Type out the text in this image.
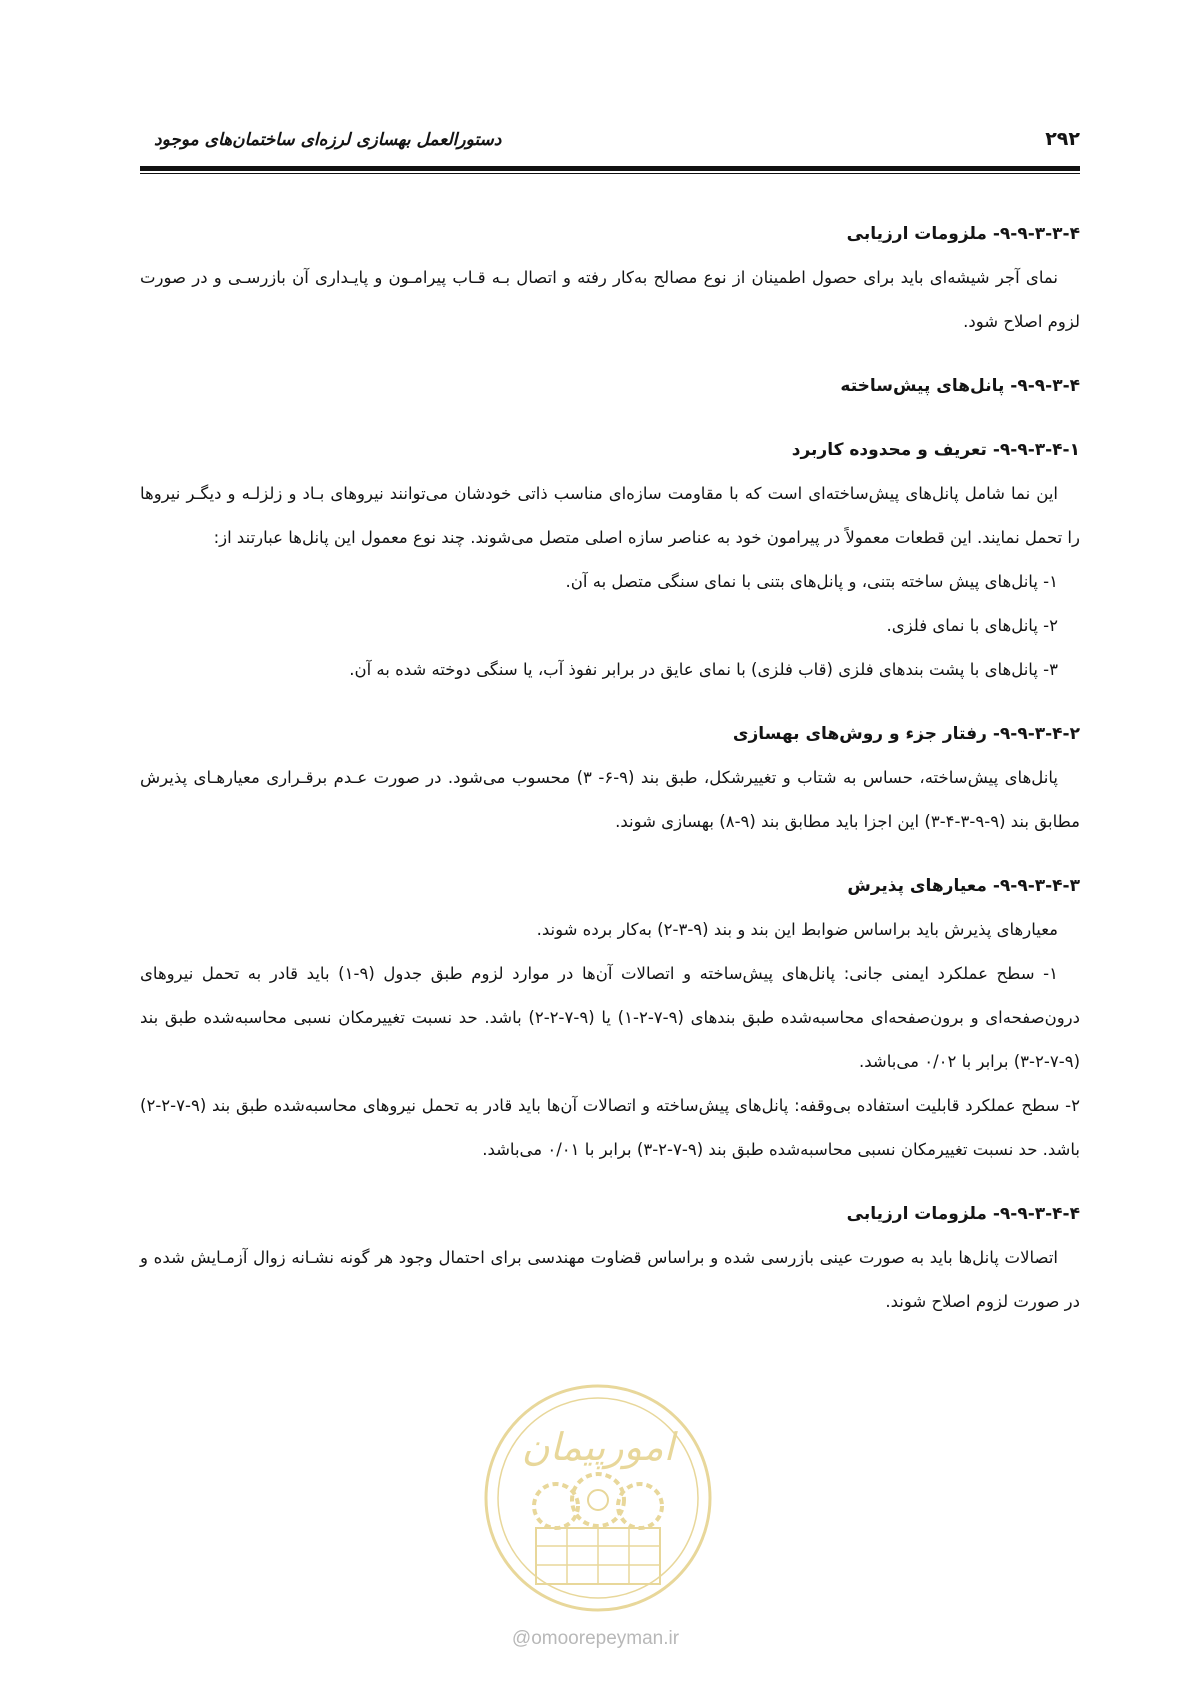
۲۹۲
دستورالعمل بهسازی لرزه‌ای ساختمان‌های موجود
۹-۹-۳-۳-۴- ملزومات ارزیابی

نمای آجر شیشه‌ای باید برای حصول اطمینان از نوع مصالح به‌کار رفته و اتصال بـه قـاب پیرامـون و پایـداری آن بازرسـی و در صورت لزوم اصلاح شود.

۹-۹-۳-۴- پانل‌های پیش‌ساخته
۹-۹-۳-۴-۱- تعریف و محدوده کاربرد

این نما شامل پانل‌های پیش‌ساخته‌ای است که با مقاومت سازه‌ای مناسب ذاتی خودشان می‌توانند نیروهای بـاد و زلزلـه و دیگـر نیروها را تحمل نمایند. این قطعات معمولاً در پیرامون خود به عناصر سازه اصلی متصل می‌شوند. چند نوع معمول این پانل‌ها عبارتند از:

۱- پانل‌های پیش ساخته بتنی، و پانل‌های بتنی با نمای سنگی متصل به آن.
۲- پانل‌های با نمای فلزی.
۳- پانل‌های با پشت بندهای فلزی (قاب فلزی) با نمای عایق در برابر نفوذ آب، یا سنگی دوخته شده به آن.
۹-۹-۳-۴-۲- رفتار جزء و روش‌های بهسازی

پانل‌های پیش‌ساخته، حساس به شتاب و تغییرشکل، طبق بند (۹-۶- ۳) محسوب می‌شود. در صورت عـدم برقـراری معیارهـای پذیرش مطابق بند (۹-۹-۳-۴-۳) این اجزا باید مطابق بند (۹-۸) بهسازی شوند.

۹-۹-۳-۴-۳- معیارهای پذیرش

معیارهای پذیرش باید براساس ضوابط این بند و بند (۹-۳-۲) به‌کار برده شوند.

۱- سطح عملکرد ایمنی جانی: پانل‌های پیش‌ساخته و اتصالات آن‌ها در موارد لزوم طبق جدول (۹-۱) باید قادر به تحمل نیروهای درون‌صفحه‌ای و برون‌صفحه‌ای محاسبه‌شده طبق بندهای (۹-۷-۲-۱) یا (۹-۷-۲-۲) باشد. حد نسبت تغییرمکان نسبی محاسبه‌شده طبق بند (۹-۷-۲-۳) برابر با ۰/۰۲ می‌باشد.

۲- سطح عملکرد قابلیت استفاده بی‌وقفه: پانل‌های پیش‌ساخته و اتصالات آن‌ها باید قادر به تحمل نیروهای محاسبه‌شده طبق بند (۹-۷-۲-۲) باشد. حد نسبت تغییرمکان نسبی محاسبه‌شده طبق بند (۹-۷-۲-۳) برابر با ۰/۰۱ می‌باشد.

۹-۹-۳-۴-۴- ملزومات ارزیابی

اتصالات پانل‌ها باید به صورت عینی بازرسی شده و براساس قضاوت مهندسی برای احتمال وجود هر گونه نشـانه زوال آزمـایش شده و در صورت لزوم اصلاح شوند.

امورپیمان
@omoorepeyman.ir
